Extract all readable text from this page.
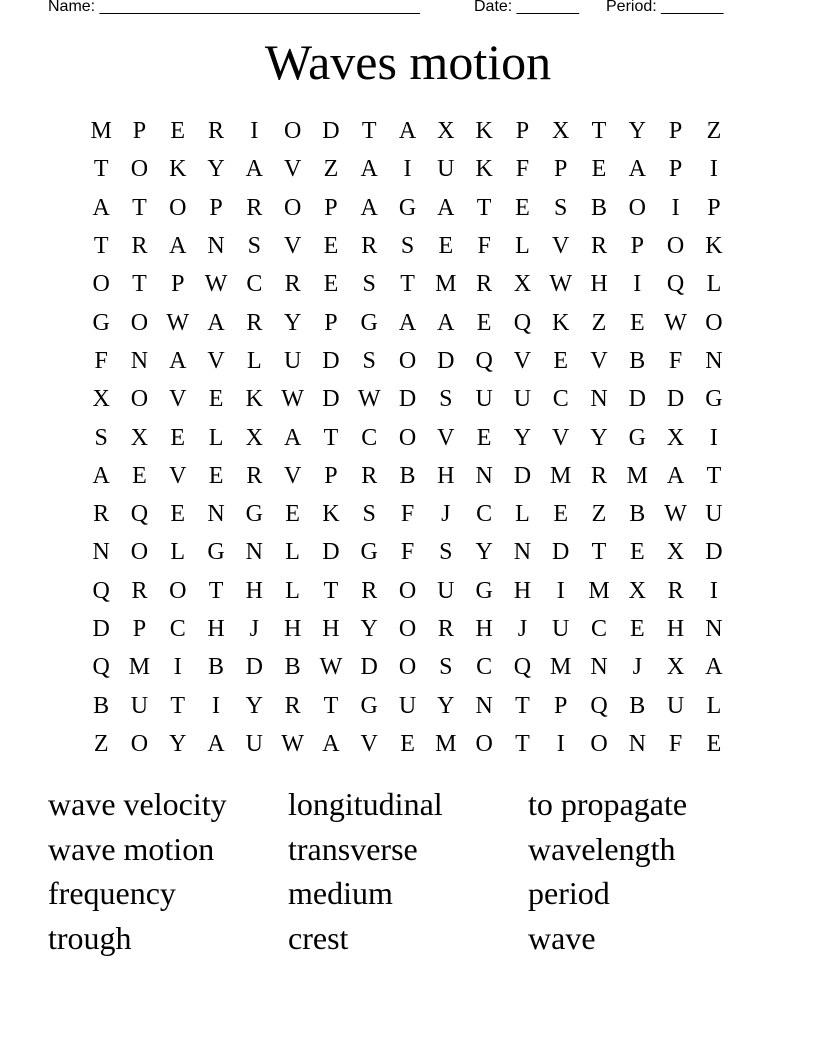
Name: ____________________________________	Date: _______ Period: _______
Waves motion
M P	E R	I	O D T A X K P X T Y P	Z
T O K Y A V Z A	I	U K F	P	E A P	I
A T O P R O P A G A T E	S B O	I	P
T R A N S V E R S	E	F	L V R P O K
O T	P W C R E	S	T M R X W H	I	Q L
G O W A R Y P G A A E Q K Z E W O
F N A V L U D S O D Q V E V B F N
X O V E K W D W D S U U C N D D G
S X E L X A T C O V E Y V Y G X	I
A E V E R V P R B H N D M R M A T
R Q E N G E K S	F	J	C L E Z B W U
N O L G N L D G F	S Y N D T E X D
Q R O T H L T R O U G H	I M X R	I
D P C H	J	H H Y O R H	J	U C E H N
Q M I	B D B W D O S C Q M N	J	X A
B U T	I	Y R T G U Y N T	P Q B U L
Z O Y A U W A V E M O T	I	O N F	E
wave velocity	longitudinal	to propagate
wave motion	transverse	wavelength
frequency	medium	period
trough	crest	wave
